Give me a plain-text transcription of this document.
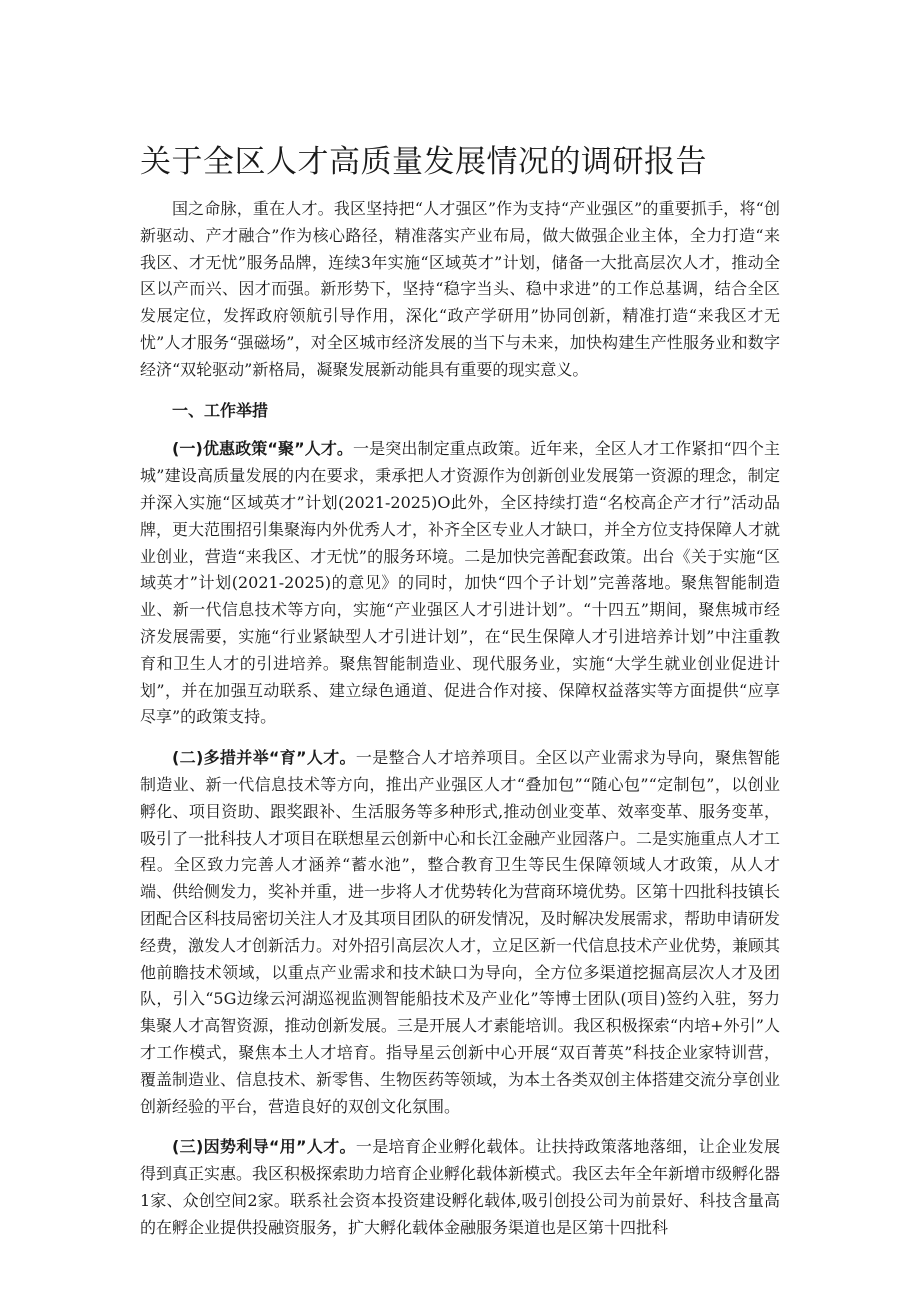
关于全区人才高质量发展情况的调研报告

国之命脉，重在人才。我区坚持把“人才强区”作为支持“产业强区”的重要抓手，将“创新驱动、产才融合”作为核心路径，精准落实产业布局，做大做强企业主体，全力打造“来我区、才无忧”服务品牌，连续3年实施“区域英才”计划，储备一大批高层次人才，推动全区以产而兴、因才而强。新形势下，坚持“稳字当头、稳中求进”的工作总基调，结合全区发展定位，发挥政府领航引导作用，深化“政产学研用”协同创新，精准打造“来我区才无忧”人才服务“强磁场”，对全区城市经济发展的当下与未来，加快构建生产性服务业和数字经济“双轮驱动”新格局，凝聚发展新动能具有重要的现实意义。

一、工作举措

(一)优惠政策“聚”人才。一是突出制定重点政策。近年来，全区人才工作紧扣“四个主城”建设高质量发展的内在要求，秉承把人才资源作为创新创业发展第一资源的理念，制定并深入实施“区域英才”计划(2021-2025)O此外，全区持续打造“名校高企产才行”活动品牌，更大范围招引集聚海内外优秀人才，补齐全区专业人才缺口，并全方位支持保障人才就业创业，营造“来我区、才无忧”的服务环境。二是加快完善配套政策。出台《关于实施“区域英才”计划(2021-2025)的意见》的同时，加快“四个子计划”完善落地。聚焦智能制造业、新一代信息技术等方向，实施“产业强区人才引进计划”。“十四五”期间，聚焦城市经济发展需要，实施“行业紧缺型人才引进计划”，在“民生保障人才引进培养计划”中注重教育和卫生人才的引进培养。聚焦智能制造业、现代服务业，实施“大学生就业创业促进计划”，并在加强互动联系、建立绿色通道、促进合作对接、保障权益落实等方面提供“应享尽享”的政策支持。

(二)多措并举“育”人才。一是整合人才培养项目。全区以产业需求为导向，聚焦智能制造业、新一代信息技术等方向，推出产业强区人才“叠加包”“随心包”“定制包”，以创业孵化、项目资助、跟奖跟补、生活服务等多种形式,推动创业变革、效率变革、服务变革，吸引了一批科技人才项目在联想星云创新中心和长江金融产业园落户。二是实施重点人才工程。全区致力完善人才涵养“蓄水池”，整合教育卫生等民生保障领域人才政策，从人才端、供给侧发力，奖补并重，进一步将人才优势转化为营商环境优势。区第十四批科技镇长团配合区科技局密切关注人才及其项目团队的研发情况，及时解决发展需求，帮助申请研发经费，激发人才创新活力。对外招引高层次人才，立足区新一代信息技术产业优势，兼顾其他前瞻技术领域，以重点产业需求和技术缺口为导向，全方位多渠道挖掘高层次人才及团队，引入“5G边缘云河湖巡视监测智能船技术及产业化”等博士团队(项目)签约入驻，努力集聚人才高智资源，推动创新发展。三是开展人才素能培训。我区积极探索“内培+外引”人才工作模式，聚焦本土人才培育。指导星云创新中心开展“双百菁英”科技企业家特训营，覆盖制造业、信息技术、新零售、生物医药等领域，为本土各类双创主体搭建交流分享创业创新经验的平台，营造良好的双创文化氛围。

(三)因势利导“用”人才。一是培育企业孵化载体。让扶持政策落地落细，让企业发展得到真正实惠。我区积极探索助力培育企业孵化载体新模式。我区去年全年新增市级孵化器1家、众创空间2家。联系社会资本投资建设孵化载体,吸引创投公司为前景好、科技含量高的在孵企业提供投融资服务，扩大孵化载体金融服务渠道也是区第十四批科
